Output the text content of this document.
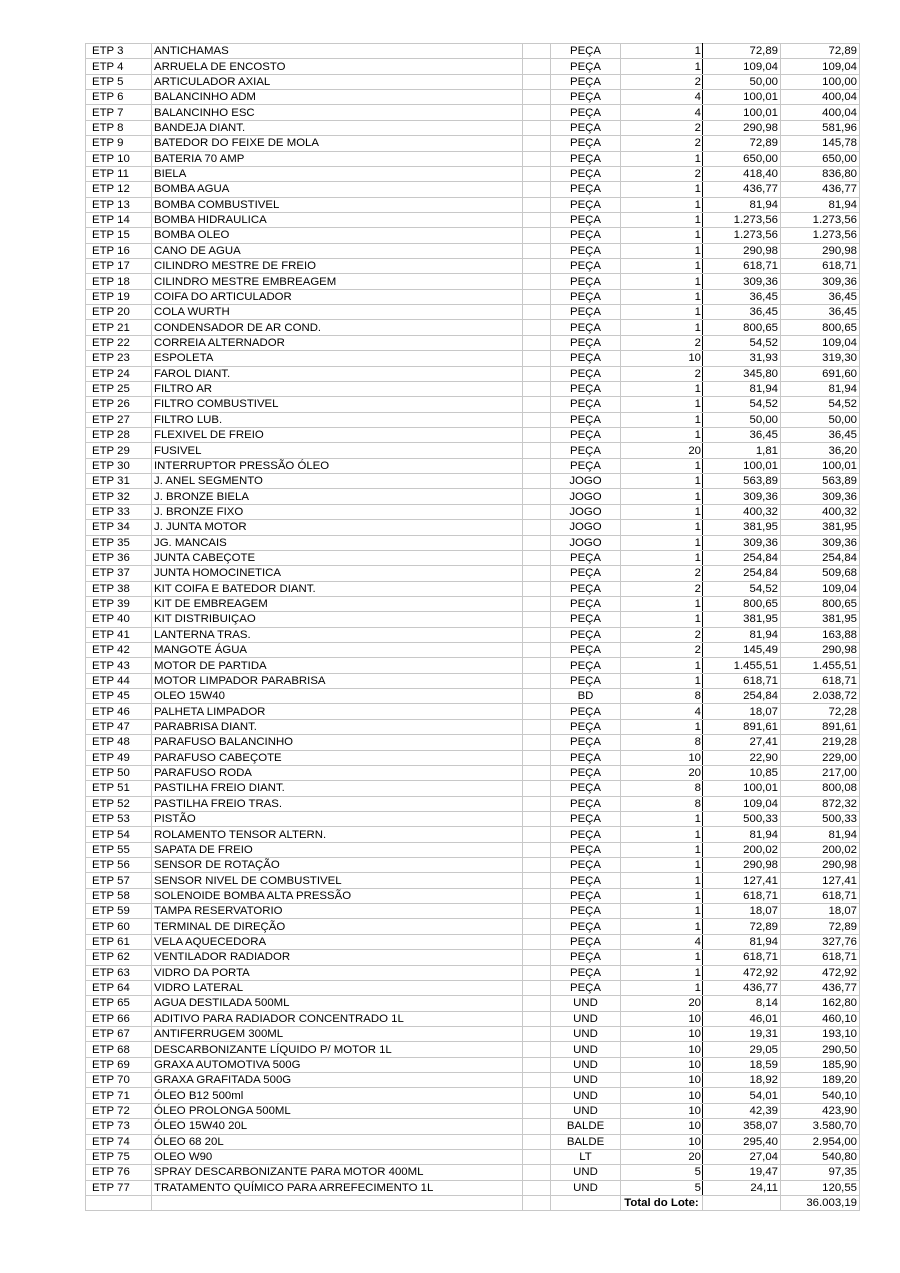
ETP 3	ANTICHAMAS		PEÇA	1	72,89	72,89
ETP 4	ARRUELA DE ENCOSTO		PEÇA	1	109,04	109,04
ETP 5	ARTICULADOR AXIAL		PEÇA	2	50,00	100,00
ETP 6	BALANCINHO ADM		PEÇA	4	100,01	400,04
ETP 7	BALANCINHO ESC		PEÇA	4	100,01	400,04
ETP 8	BANDEJA DIANT.		PEÇA	2	290,98	581,96
ETP 9	BATEDOR DO FEIXE DE MOLA		PEÇA	2	72,89	145,78
ETP 10	BATERIA 70 AMP		PEÇA	1	650,00	650,00
ETP 11	BIELA		PEÇA	2	418,40	836,80
ETP 12	BOMBA AGUA		PEÇA	1	436,77	436,77
ETP 13	BOMBA COMBUSTIVEL		PEÇA	1	81,94	81,94
ETP 14	BOMBA HIDRAULICA		PEÇA	1	1.273,56	1.273,56
ETP 15	BOMBA OLEO		PEÇA	1	1.273,56	1.273,56
ETP 16	CANO DE AGUA		PEÇA	1	290,98	290,98
ETP 17	CILINDRO MESTRE DE FREIO		PEÇA	1	618,71	618,71
ETP 18	CILINDRO MESTRE EMBREAGEM		PEÇA	1	309,36	309,36
ETP 19	COIFA DO ARTICULADOR		PEÇA	1	36,45	36,45
ETP 20	COLA WURTH		PEÇA	1	36,45	36,45
ETP 21	CONDENSADOR DE AR COND.		PEÇA	1	800,65	800,65
ETP 22	CORREIA ALTERNADOR		PEÇA	2	54,52	109,04
ETP 23	ESPOLETA		PEÇA	10	31,93	319,30
ETP 24	FAROL DIANT.		PEÇA	2	345,80	691,60
ETP 25	FILTRO AR		PEÇA	1	81,94	81,94
ETP 26	FILTRO COMBUSTIVEL		PEÇA	1	54,52	54,52
ETP 27	FILTRO LUB.		PEÇA	1	50,00	50,00
ETP 28	FLEXIVEL DE FREIO		PEÇA	1	36,45	36,45
ETP 29	FUSIVEL		PEÇA	20	1,81	36,20
ETP 30	INTERRUPTOR PRESSÃO ÓLEO		PEÇA	1	100,01	100,01
ETP 31	J. ANEL SEGMENTO		JOGO	1	563,89	563,89
ETP 32	J. BRONZE BIELA		JOGO	1	309,36	309,36
ETP 33	J. BRONZE FIXO		JOGO	1	400,32	400,32
ETP 34	J. JUNTA MOTOR		JOGO	1	381,95	381,95
ETP 35	JG. MANCAIS		JOGO	1	309,36	309,36
ETP 36	JUNTA CABEÇOTE		PEÇA	1	254,84	254,84
ETP 37	JUNTA HOMOCINETICA		PEÇA	2	254,84	509,68
ETP 38	KIT COIFA E BATEDOR DIANT.		PEÇA	2	54,52	109,04
ETP 39	KIT DE EMBREAGEM		PEÇA	1	800,65	800,65
ETP 40	KIT DISTRIBUIÇAO		PEÇA	1	381,95	381,95
ETP 41	LANTERNA TRAS.		PEÇA	2	81,94	163,88
ETP 42	MANGOTE ÁGUA		PEÇA	2	145,49	290,98
ETP 43	MOTOR DE PARTIDA		PEÇA	1	1.455,51	1.455,51
ETP 44	MOTOR LIMPADOR PARABRISA		PEÇA	1	618,71	618,71
ETP 45	OLEO 15W40		BD	8	254,84	2.038,72
ETP 46	PALHETA LIMPADOR		PEÇA	4	18,07	72,28
ETP 47	PARABRISA DIANT.		PEÇA	1	891,61	891,61
ETP 48	PARAFUSO BALANCINHO		PEÇA	8	27,41	219,28
ETP 49	PARAFUSO CABEÇOTE		PEÇA	10	22,90	229,00
ETP 50	PARAFUSO RODA		PEÇA	20	10,85	217,00
ETP 51	PASTILHA FREIO DIANT.		PEÇA	8	100,01	800,08
ETP 52	PASTILHA FREIO TRAS.		PEÇA	8	109,04	872,32
ETP 53	PISTÃO		PEÇA	1	500,33	500,33
ETP 54	ROLAMENTO TENSOR ALTERN.		PEÇA	1	81,94	81,94
ETP 55	SAPATA DE FREIO		PEÇA	1	200,02	200,02
ETP 56	SENSOR DE ROTAÇÃO		PEÇA	1	290,98	290,98
ETP 57	SENSOR NIVEL DE COMBUSTIVEL		PEÇA	1	127,41	127,41
ETP 58	SOLENOIDE BOMBA ALTA PRESSÃO		PEÇA	1	618,71	618,71
ETP 59	TAMPA RESERVATORIO		PEÇA	1	18,07	18,07
ETP 60	TERMINAL DE DIREÇÃO		PEÇA	1	72,89	72,89
ETP 61	VELA AQUECEDORA		PEÇA	4	81,94	327,76
ETP 62	VENTILADOR RADIADOR		PEÇA	1	618,71	618,71
ETP 63	VIDRO DA PORTA		PEÇA	1	472,92	472,92
ETP 64	VIDRO LATERAL		PEÇA	1	436,77	436,77
ETP 65	AGUA DESTILADA 500ML		UND	20	8,14	162,80
ETP 66	ADITIVO PARA RADIADOR CONCENTRADO 1L		UND	10	46,01	460,10
ETP 67	ANTIFERRUGEM 300ML		UND	10	19,31	193,10
ETP 68	DESCARBONIZANTE LÍQUIDO P/ MOTOR 1L		UND	10	29,05	290,50
ETP 69	GRAXA AUTOMOTIVA 500G		UND	10	18,59	185,90
ETP 70	GRAXA GRAFITADA 500G		UND	10	18,92	189,20
ETP 71	ÓLEO B12 500ml		UND	10	54,01	540,10
ETP 72	ÓLEO PROLONGA 500ML		UND	10	42,39	423,90
ETP 73	ÓLEO 15W40 20L		BALDE	10	358,07	3.580,70
ETP 74	ÓLEO 68 20L		BALDE	10	295,40	2.954,00
ETP 75	OLEO W90		LT	20	27,04	540,80
ETP 76	SPRAY DESCARBONIZANTE PARA MOTOR 400ML		UND	5	19,47	97,35
ETP 77	TRATAMENTO QUÍMICO PARA ARREFECIMENTO 1L		UND	5	24,11	120,55
				Total do Lote:		36.003,19
